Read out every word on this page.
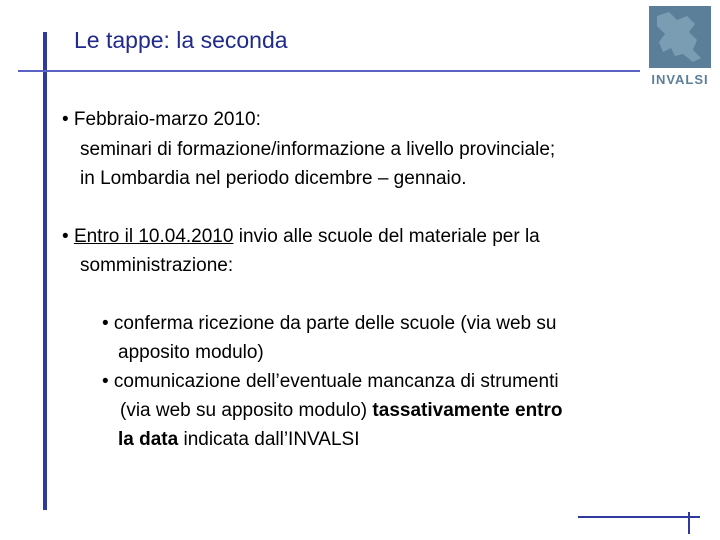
Le tappe: la seconda
INVALSI
• Febbraio-marzo 2010:
seminari di formazione/informazione a livello provinciale;
in Lombardia nel periodo dicembre – gennaio.
• Entro il 10.04.2010 invio alle scuole del materiale per la
somministrazione:
• conferma ricezione da parte delle scuole (via web su
apposito modulo)
• comunicazione dell’eventuale mancanza di strumenti
(via web su apposito modulo) tassativamente entro
la data indicata dall’INVALSI
